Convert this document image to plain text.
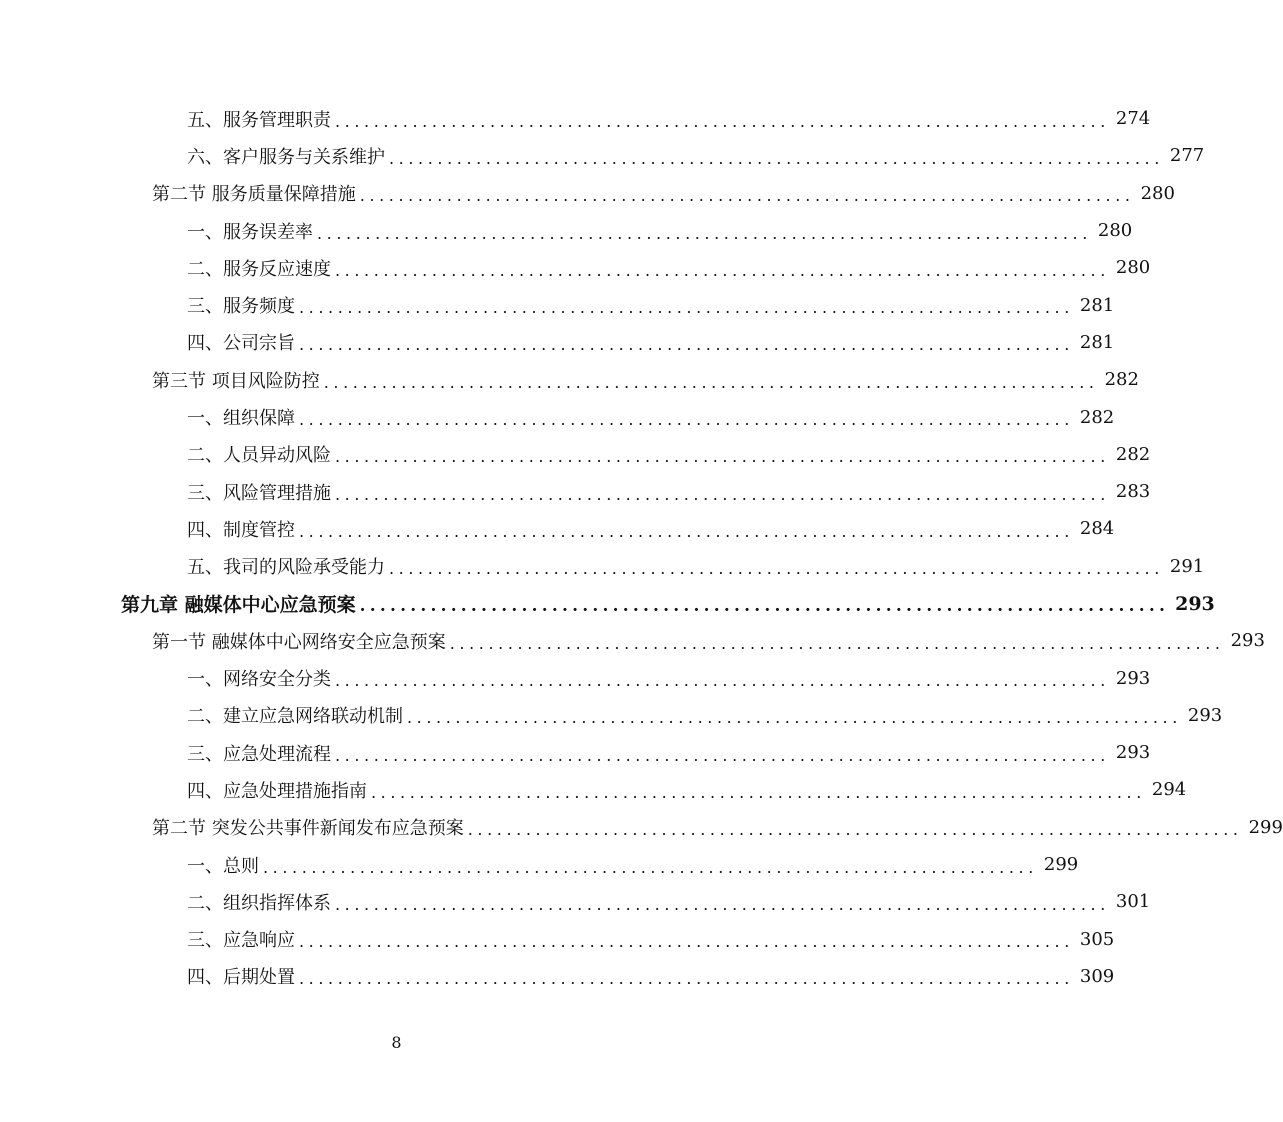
五、服务管理职责 ................................................................................ 274
六、客户服务与关系维护 ................................................................................ 277
第二节 服务质量保障措施 ................................................................................ 280
一、服务误差率 ................................................................................ 280
二、服务反应速度 ................................................................................ 280
三、服务频度 ................................................................................ 281
四、公司宗旨 ................................................................................ 281
第三节 项目风险防控 ................................................................................ 282
一、组织保障 ................................................................................ 282
二、人员异动风险 ................................................................................ 282
三、风险管理措施 ................................................................................ 283
四、制度管控 ................................................................................ 284
五、我司的风险承受能力 ................................................................................ 291
第九章 融媒体中心应急预案 ................................................................................ 293
第一节 融媒体中心网络安全应急预案 ................................................................................ 293
一、网络安全分类 ................................................................................ 293
二、建立应急网络联动机制 ................................................................................ 293
三、应急处理流程 ................................................................................ 293
四、应急处理措施指南 ................................................................................ 294
第二节 突发公共事件新闻发布应急预案 ................................................................................ 299
一、总则 ................................................................................ 299
二、组织指挥体系 ................................................................................ 301
三、应急响应 ................................................................................ 305
四、后期处置 ................................................................................ 309
8
